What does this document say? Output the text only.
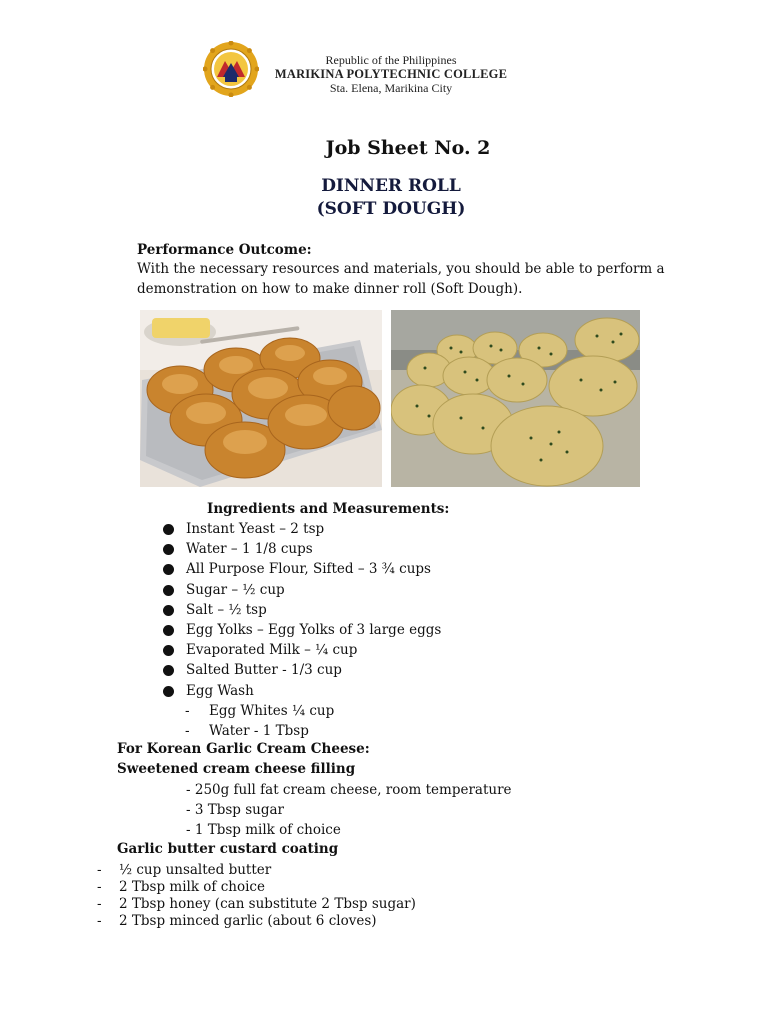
Republic of the Philippines
MARIKINA POLYTECHNIC COLLEGE
Sta. Elena, Marikina City
Job Sheet No. 2
DINNER ROLL
(SOFT DOUGH)
Performance Outcome:
With the necessary resources and materials, you should be able to perform a demonstration on how to make dinner roll (Soft Dough).
Ingredients and Measurements:
Instant Yeast – 2 tsp
Water – 1 1/8 cups
All Purpose Flour, Sifted – 3 ¾ cups
Sugar – ½ cup
Salt – ½ tsp
Egg Yolks – Egg Yolks of 3 large eggs
Evaporated Milk – ¼ cup
Salted Butter - 1/3 cup
Egg Wash
- Egg Whites ¼ cup
- Water - 1 Tbsp
For Korean Garlic Cream Cheese:
Sweetened cream cheese filling
- 250g full fat cream cheese, room temperature
- 3 Tbsp sugar
- 1 Tbsp milk of choice
Garlic butter custard coating
- ½ cup unsalted butter
- 2 Tbsp milk of choice
- 2 Tbsp honey (can substitute 2 Tbsp sugar)
- 2 Tbsp minced garlic (about 6 cloves)
